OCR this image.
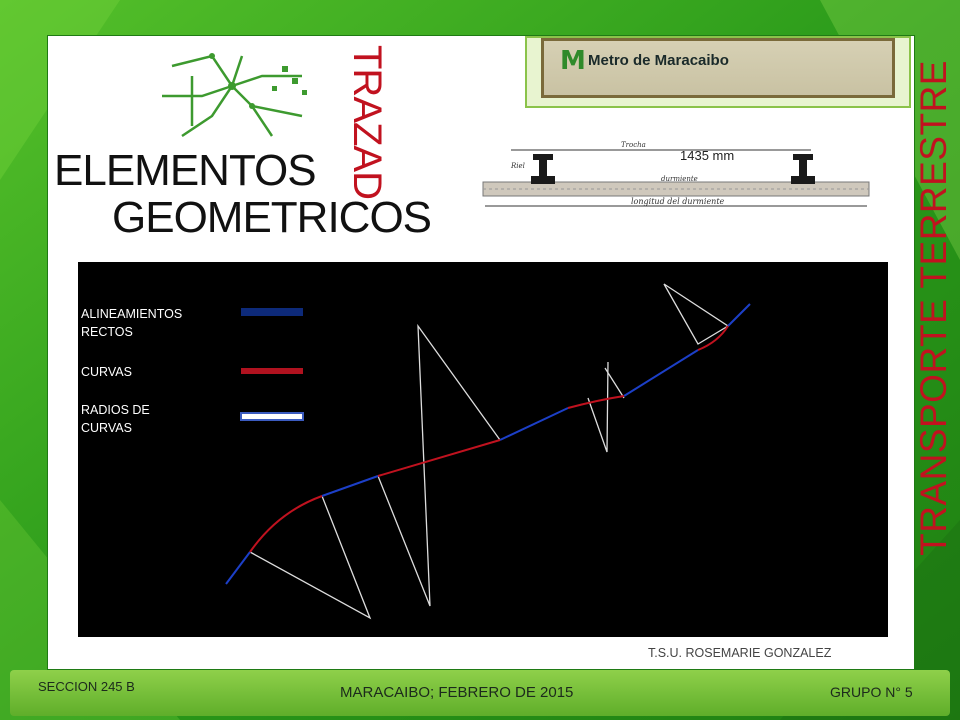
M Metro de Maracaibo
Trocha
Riel
durmiente
longitud del durmiente
1435 mm
TRAZAD
ELEMENTOS
GEOMETRICOS	TRANSPORTE TERRESTRE
ALINEAMIENTOS RECTOS
CURVAS
RADIOS DE CURVAS
T.S.U. ROSEMARIE GONZALEZ
SECCION 245 B	MARACAIBO; FEBRERO DE 2015	GRUPO N° 5
